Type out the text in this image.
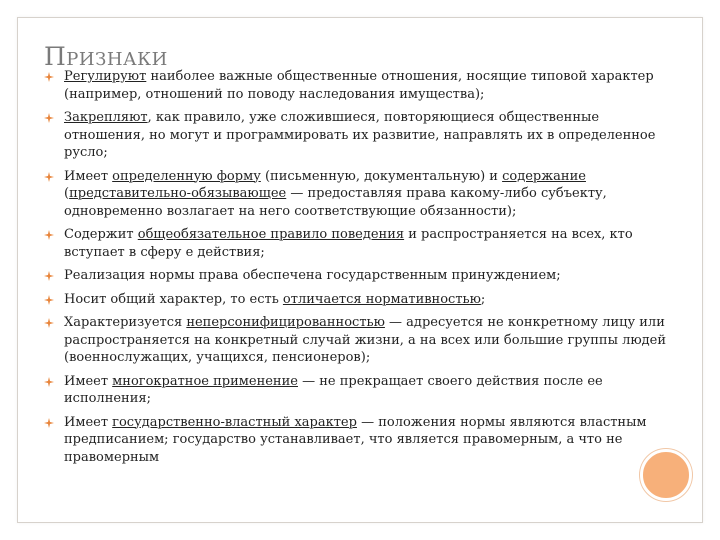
Признаки
Регулируют наиболее важные общественные отношения, носящие типовой характер (например, отношений по поводу наследования имущества);
Закрепляют, как правило, уже сложившиеся, повторяющиеся общественные отношения, но могут и программировать их развитие, направлять их в определенное русло;
Имеет определенную форму (письменную, документальную) и содержание (представительно-обязывающее — предоставляя права какому-либо субъекту, одновременно возлагает на него соответствующие обязанности);
Содержит общеобязательное правило поведения и распространяется на всех, кто вступает в сферу е действия;
Реализация нормы права обеспечена государственным принуждением;
Носит общий характер, то есть отличается нормативностью;
Характеризуется неперсонифицированностью — адресуется не конкретному лицу или распространяется на конкретный случай жизни, а на всех или большие группы людей (военнослужащих, учащихся, пенсионеров);
Имеет многократное применение — не прекращает своего действия после ее исполнения;
Имеет государственно-властный характер — положения нормы являются властным предписанием; государство устанавливает, что является правомерным, а что не правомерным
